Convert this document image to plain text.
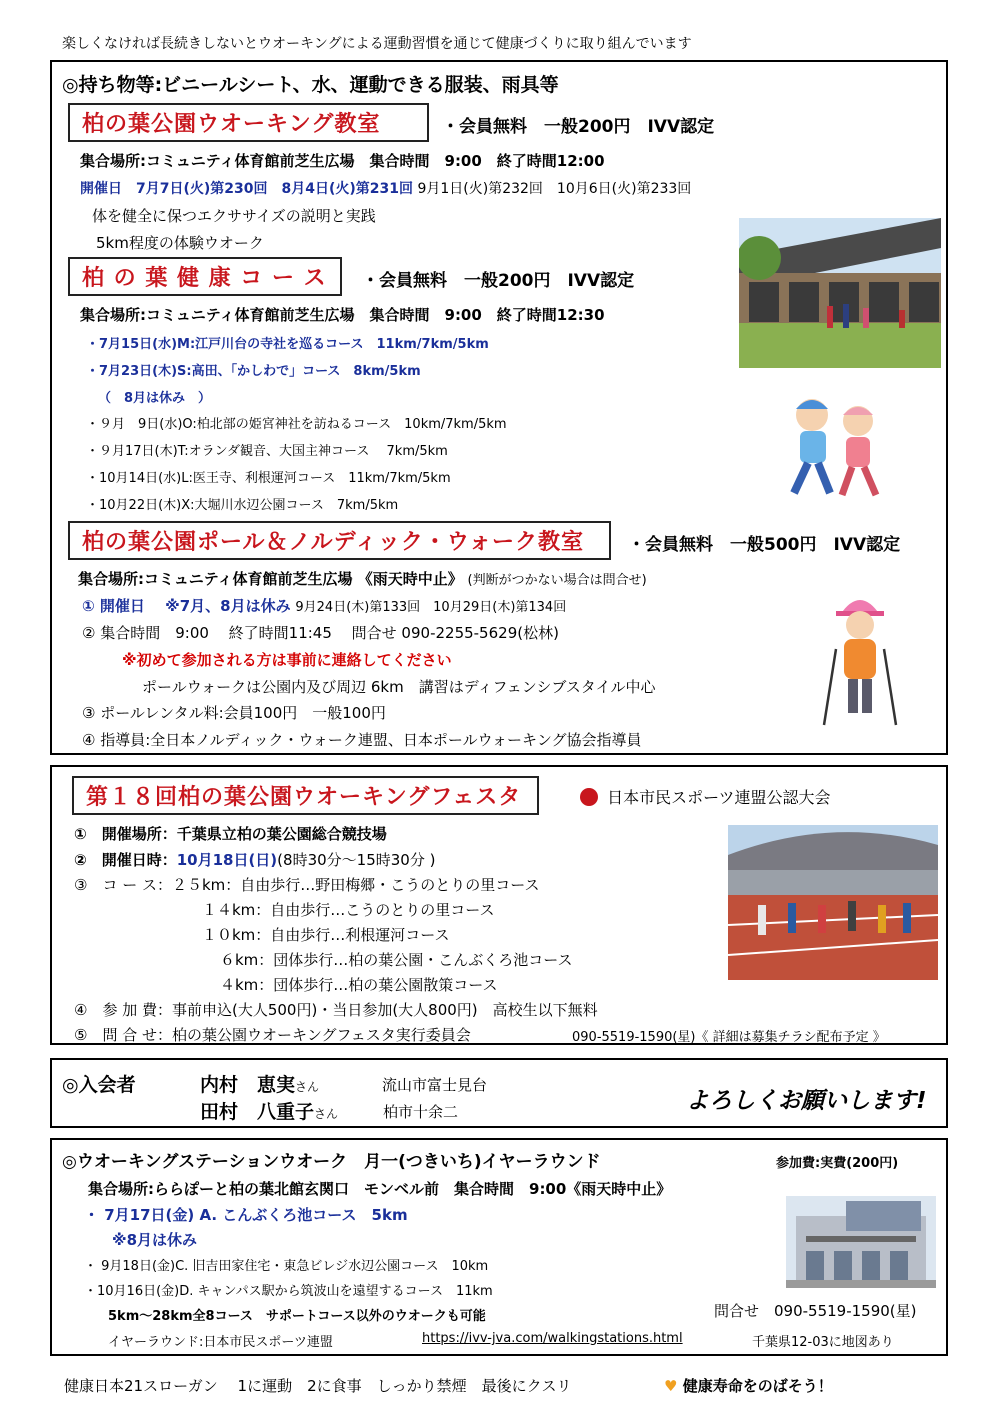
楽しくなければ長続きしないとウオーキングによる運動習慣を通じて健康づくりに取り組んでいます
◎持ち物等:ビニールシート、水、運動できる服装、雨具等
柏の葉公園ウオーキング教室	・会員無料　一般200円　IVV認定
集合場所:コミュニティ体育館前芝生広場　集合時間　9:00　終了時間12:00
開催日　7月7日(火)第230回　8月4日(火)第231回 9月1日(火)第232回　10月6日(火)第233回
体を健全に保つエクササイズの説明と実践
5km程度の体験ウオーク
柏 の 葉 健 康 コ ー ス	・会員無料　一般200円　IVV認定
集合場所:コミュニティ体育館前芝生広場　集合時間　9:00　終了時間12:30
・7月15日(水)M:江戸川台の寺社を巡るコース　11km/7km/5km
・7月23日(木)S:高田、「かしわで」コース　8km/5km
（　8月は休み　）
・９月　9日(水)O:柏北部の姫宮神社を訪ねるコース　10km/7km/5km
・９月17日(木)T:オランダ観音、大国主神コース　 7km/5km
・10月14日(水)L:医王寺、利根運河コース　11km/7km/5km
・10月22日(木)X:大堀川水辺公園コース　7km/5km
柏の葉公園ポール＆ノルディック・ウォーク教室	・会員無料　一般500円　IVV認定
集合場所:コミュニティ体育館前芝生広場 《雨天時中止》 (判断がつかない場合は問合せ)
① 開催日　 ※7月、8月は休み 9月24日(木)第133回　10月29日(木)第134回
② 集合時間　9:00　 終了時間11:45　 問合せ 090-2255-5629(松林)
※初めて参加される方は事前に連絡してください
ポールウォークは公園内及び周辺 6km　講習はディフェンシブスタイル中心
③ ポールレンタル料:会員100円　一般100円
④ 指導員:全日本ノルディック・ウォーク連盟、日本ポールウォーキング協会指導員
第１８回柏の葉公園ウオーキングフェスタ	日本市民スポーツ連盟公認大会
①　開催場所：千葉県立柏の葉公園総合競技場
②　開催日時：10月18日(日)(8時30分～15時30分 )
③　コ ー ス：２５km：自由歩行…野田梅郷・こうのとりの里コース
１４km：自由歩行…こうのとりの里コース
１０km：自由歩行…利根運河コース
６km：団体歩行…柏の葉公園・こんぶくろ池コース
４km：団体歩行…柏の葉公園散策コース
④　参 加 費：事前申込(大人500円)・当日参加(大人800円)　高校生以下無料
⑤　問 合 せ：柏の葉公園ウオーキングフェスタ実行委員会	090-5519-1590(星)《 詳細は募集チラシ配布予定 》
◎入会者	内村　恵実さん	流山市富士見台
田村　八重子さん	柏市十余二	よろしくお願いします!
◎ウオーキングステーションウオーク　月一(つきいち)イヤーラウンド	参加費:実費(200円)
集合場所:ららぽーと柏の葉北館玄関口　モンベル前　集合時間　9:00《雨天時中止》
・ 7月17日(金) A. こんぶくろ池コース　5km
※8月は休み
・ 9月18日(金)C. 旧吉田家住宅・東急ビレジ水辺公園コース　10km
・10月16日(金)D. キャンパス駅から筑波山を遠望するコース　11km
5km～28km全8コース　サポートコース以外のウオークも可能	問合せ　090-5519-1590(星)
イヤーラウンド:日本市民スポーツ連盟	https://ivv-jva.com/walkingstations.html	千葉県12-03に地図あり
健康日本21スローガン　 1に運動　2に食事　しっかり禁煙　最後にクスリ	♥ 健康寿命をのばそう！
